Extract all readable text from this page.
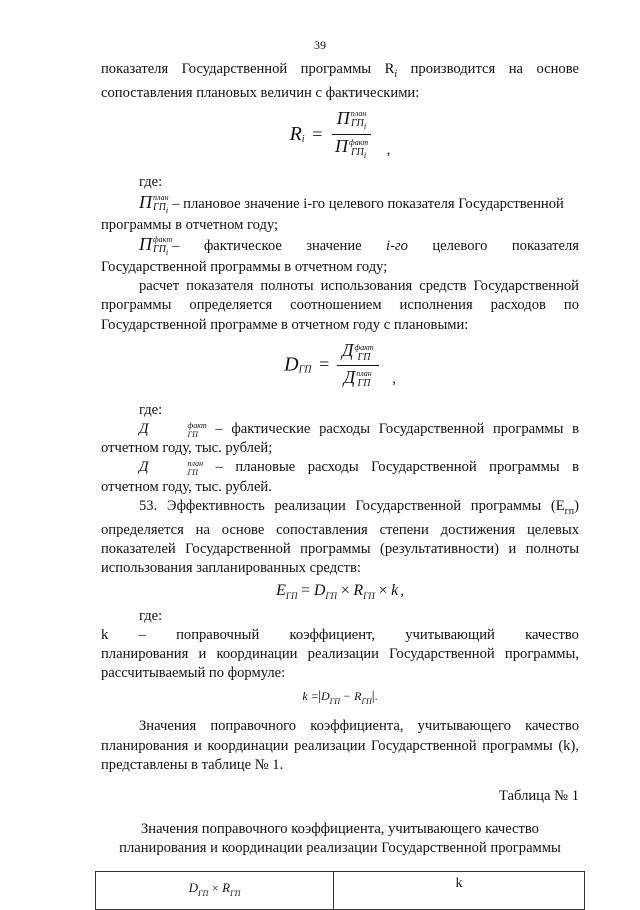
39

показателя Государственной программы $R_i$ производится на основе сопоставления плановых величин с фактическими:

$R_i = П$ план
$ГП_i$
П факт
$ГП_i$ ,

где:

П план
$ГП_i$ – плановое значение i-го целевого показателя Государственной

программы в отчетном году;

П факт
$ГП_i$ – фактическое значение i-го целевого показателя

Государственной программы в отчетном году;

расчет показателя полноты использования средств Государственной программы определяется соотношением исполнения расходов по Государственной программе в отчетном году с плановыми:

$D_{ГП} = Д$ факт
ГП
Д план
ГП ,

где:

Д	факт
ГП – фактические расходы Государственной программы в отчетном году, тыс. рублей;

Д	план
ГП – плановые расходы Государственной программы в отчетном году, тыс. рублей.

53. Эффективность реализации Государственной программы $(E_{гп})$ определяется на основе сопоставления степени достижения целевых показателей Государственной программы (результативности) и полноты использования запланированных средств:

$E_{ГП} = D_{ГП} \times R_{ГП} \times k$ ,

где:

k – поправочный коэффициент, учитывающий качество

планирования и координации реализации Государственной программы, рассчитываемый по формуле:

$k =|D_{ГП} - R_{ГП}|$.

Значения поправочного коэффициента, учитывающего качество планирования и координации реализации Государственной программы (k), представлены в таблице № 1.

Таблица № 1

Значения поправочного коэффициента, учитывающего качество

планирования и координации реализации Государственной программы

$D_{ГП} \times R_{ГП}$	k
